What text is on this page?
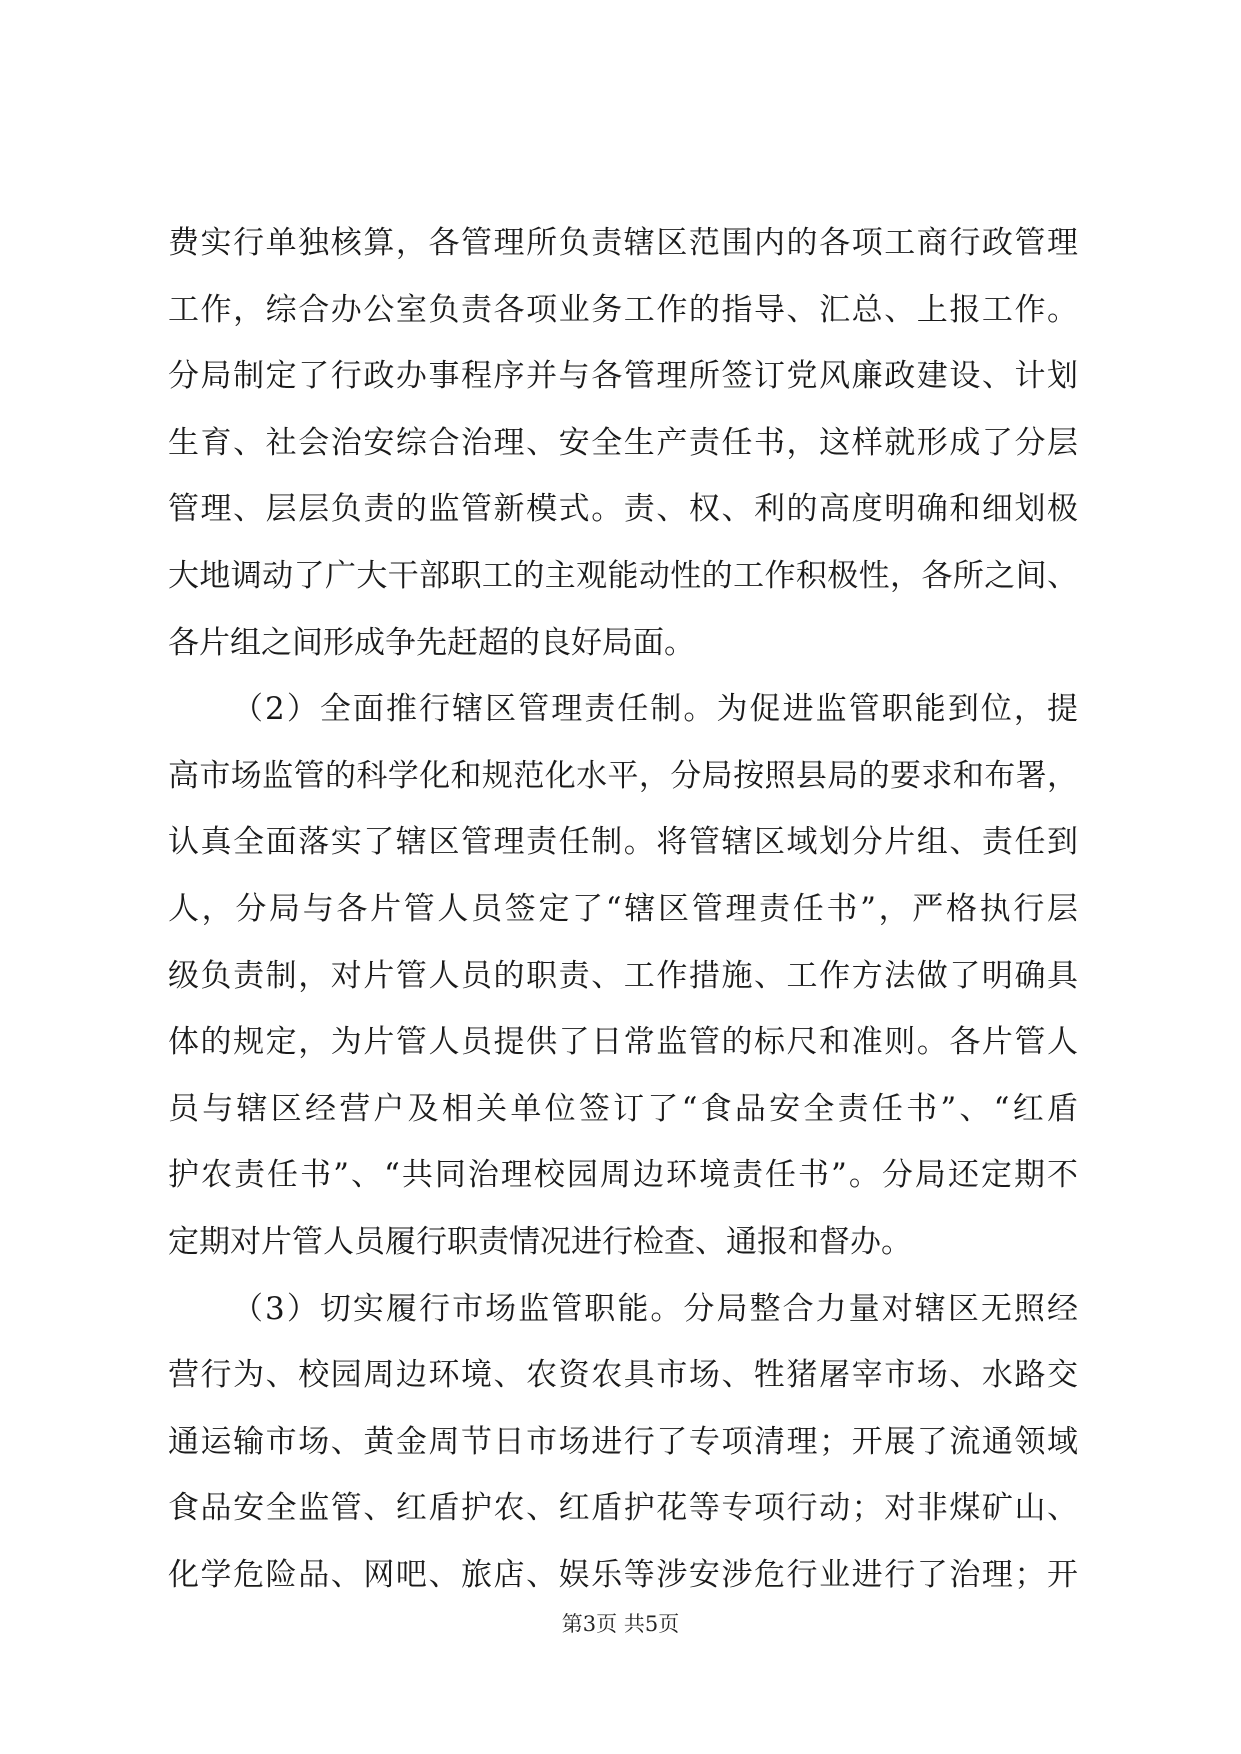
费实行单独核算，各管理所负责辖区范围内的各项工商行政管理
工作，综合办公室负责各项业务工作的指导、汇总、上报工作。
分局制定了行政办事程序并与各管理所签订党风廉政建设、计划
生育、社会治安综合治理、安全生产责任书，这样就形成了分层
管理、层层负责的监管新模式。责、权、利的高度明确和细划极
大地调动了广大干部职工的主观能动性的工作积极性，各所之间、
各片组之间形成争先赶超的良好局面。
（2）全面推行辖区管理责任制。为促进监管职能到位，提
高市场监管的科学化和规范化水平，分局按照县局的要求和布署，
认真全面落实了辖区管理责任制。将管辖区域划分片组、责任到
人，分局与各片管人员签定了“辖区管理责任书”，严格执行层
级负责制，对片管人员的职责、工作措施、工作方法做了明确具
体的规定，为片管人员提供了日常监管的标尺和准则。各片管人
员与辖区经营户及相关单位签订了“食品安全责任书”、“红盾
护农责任书”、“共同治理校园周边环境责任书”。分局还定期不
定期对片管人员履行职责情况进行检查、通报和督办。
（3）切实履行市场监管职能。分局整合力量对辖区无照经
营行为、校园周边环境、农资农具市场、牲猪屠宰市场、水路交
通运输市场、黄金周节日市场进行了专项清理；开展了流通领域
食品安全监管、红盾护农、红盾护花等专项行动；对非煤矿山、
化学危险品、网吧、旅店、娱乐等涉安涉危行业进行了治理；开
第3页 共5页
